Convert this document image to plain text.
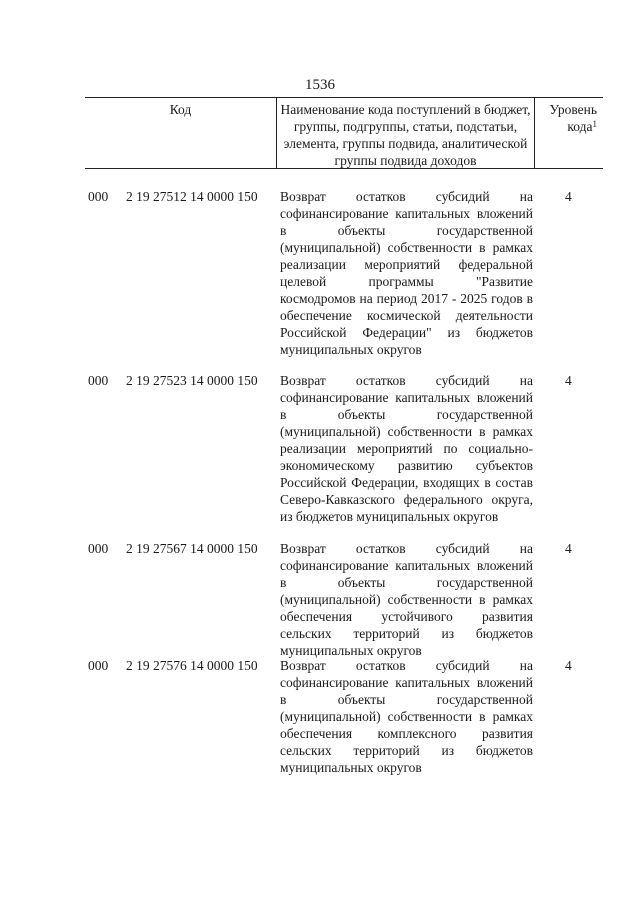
1536
Код	Наименование кода поступлений в бюджет, группы, подгруппы, статьи, подстатьи, элемента, группы подвида, аналитической группы подвида доходов
Уровень кода$^1$
000 2 19 27512 14 0000 150 Возврат остатков субсидий на софинансирование капитальных вложений в объекты государственной (муниципальной) собственности в рамках реализации мероприятий федеральной целевой программы "Развитие космодромов на период 2017 - 2025 годов в обеспечение космической деятельности Российской Федерации" из бюджетов муниципальных округов
4
000 2 19 27523 14 0000 150 Возврат остатков субсидий на софинансирование капитальных вложений в объекты государственной (муниципальной) собственности в рамках реализации мероприятий по социально-экономическому развитию субъектов Российской Федерации, входящих в состав Северо-Кавказского федерального округа, из бюджетов муниципальных округов
4
000 2 19 27567 14 0000 150 Возврат остатков субсидий на софинансирование капитальных вложений в объекты государственной (муниципальной) собственности в рамках обеспечения устойчивого развития сельских территорий из бюджетов муниципальных округов
4
000 2 19 27576 14 0000 150 Возврат остатков субсидий на софинансирование капитальных вложений в объекты государственной (муниципальной) собственности в рамках обеспечения комплексного развития сельских территорий из бюджетов муниципальных округов
4
